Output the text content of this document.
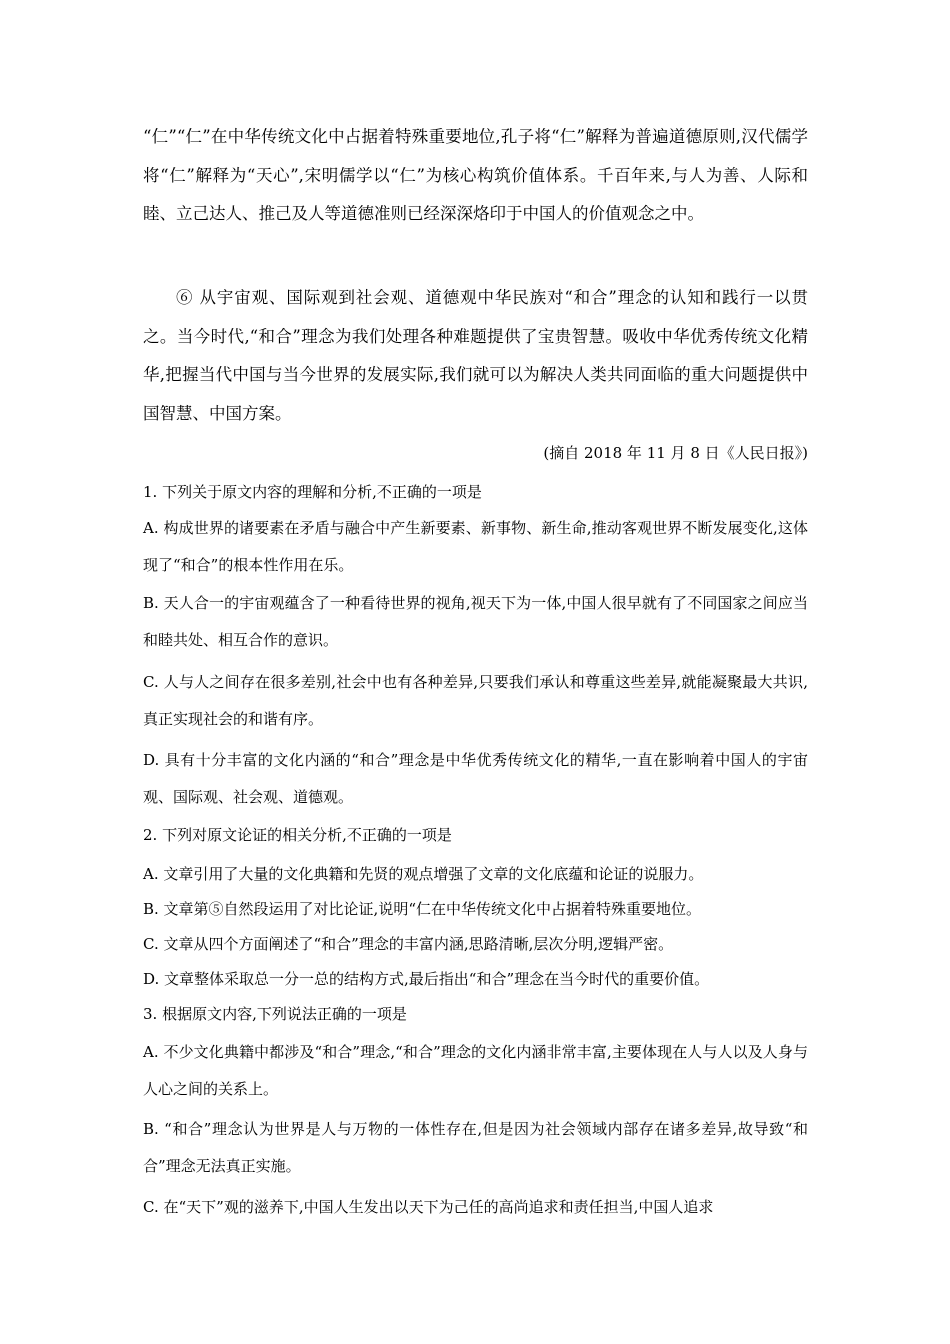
“仁”“仁”在中华传统文化中占据着特殊重要地位,孔子将“仁”解释为普遍道德原则,汉代儒学将“仁”解释为“天心”,宋明儒学以“仁”为核心构筑价值体系。千百年来,与人为善、人际和睦、立己达人、推己及人等道德准则已经深深烙印于中国人的价值观念之中。

⑥ 从宇宙观、国际观到社会观、道德观中华民族对“和合”理念的认知和践行一以贯之。当今时代,“和合”理念为我们处理各种难题提供了宝贵智慧。吸收中华优秀传统文化精华,把握当代中国与当今世界的发展实际,我们就可以为解决人类共同面临的重大问题提供中国智慧、中国方案。

(摘自 2018 年 11 月 8 日《人民日报》)

1. 下列关于原文内容的理解和分析,不正确的一项是

A. 构成世界的诸要素在矛盾与融合中产生新要素、新事物、新生命,推动客观世界不断发展变化,这体现了“和合”的根本性作用在乐。

B. 天人合一的宇宙观蕴含了一种看待世界的视角,视天下为一体,中国人很早就有了不同国家之间应当和睦共处、相互合作的意识。

C. 人与人之间存在很多差别,社会中也有各种差异,只要我们承认和尊重这些差异,就能凝聚最大共识,真正实现社会的和谐有序。

D. 具有十分丰富的文化内涵的“和合”理念是中华优秀传统文化的精华,一直在影响着中国人的宇宙观、国际观、社会观、道德观。

2. 下列对原文论证的相关分析,不正确的一项是

A. 文章引用了大量的文化典籍和先贤的观点增强了文章的文化底蕴和论证的说服力。

B. 文章第⑤自然段运用了对比论证,说明“仁在中华传统文化中占据着特殊重要地位。

C. 文章从四个方面阐述了“和合”理念的丰富内涵,思路清晰,层次分明,逻辑严密。

D. 文章整体采取总一分一总的结构方式,最后指出“和合”理念在当今时代的重要价值。

3. 根据原文内容,下列说法正确的一项是

A. 不少文化典籍中都涉及“和合”理念,“和合”理念的文化内涵非常丰富,主要体现在人与人以及人身与人心之间的关系上。

B. “和合”理念认为世界是人与万物的一体性存在,但是因为社会领域内部存在诸多差异,故导致“和合”理念无法真正实施。

C. 在“天下”观的滋养下,中国人生发出以天下为己任的高尚追求和责任担当,中国人追求
